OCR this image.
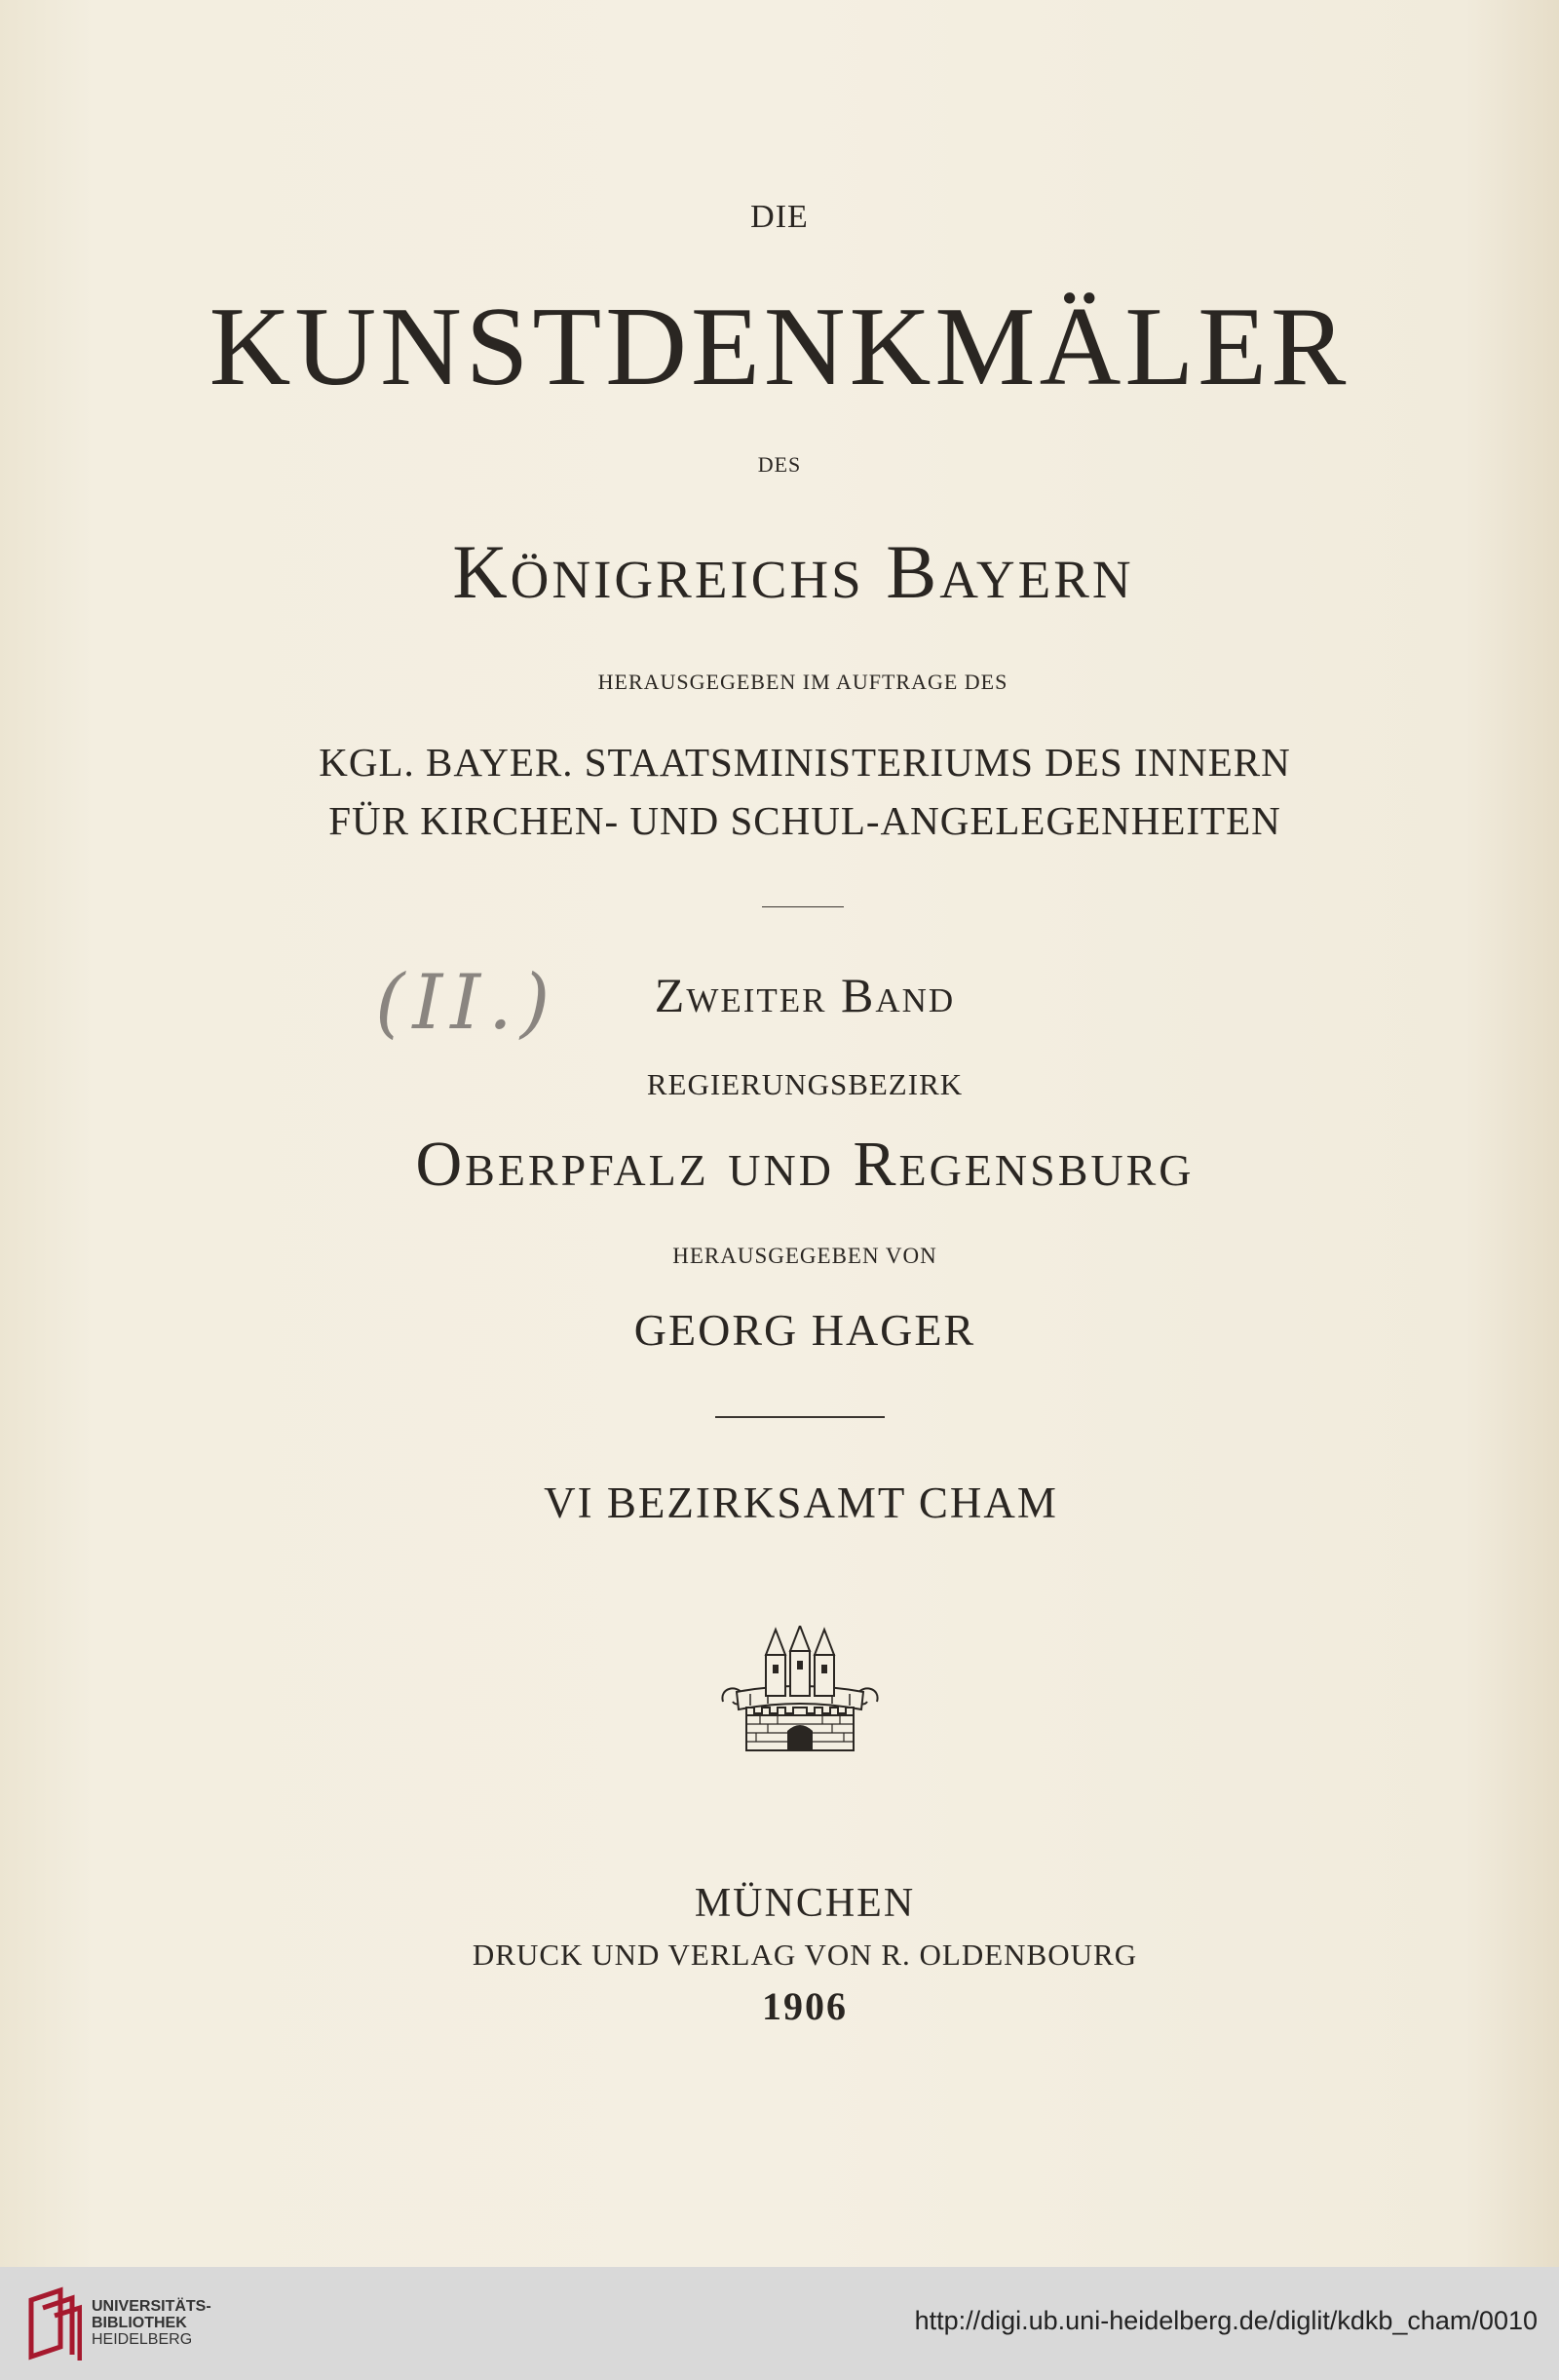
DIE
KUNSTDENKMÄLER
DES
Königreichs Bayern
HERAUSGEGEBEN IM AUFTRAGE DES
KGL. BAYER. STAATSMINISTERIUMS DES INNERN
FÜR KIRCHEN- UND SCHUL-ANGELEGENHEITEN
(II.)	Zweiter Band
REGIERUNGSBEZIRK
Oberpfalz und Regensburg
HERAUSGEGEBEN VON
GEORG HAGER
VI BEZIRKSAMT CHAM
MÜNCHEN
DRUCK UND VERLAG VON R. OLDENBOURG
1906
UNIVERSITÄTS-
BIBLIOTHEK
HEIDELBERG
http://digi.ub.uni-heidelberg.de/diglit/kdkb_cham/0010
